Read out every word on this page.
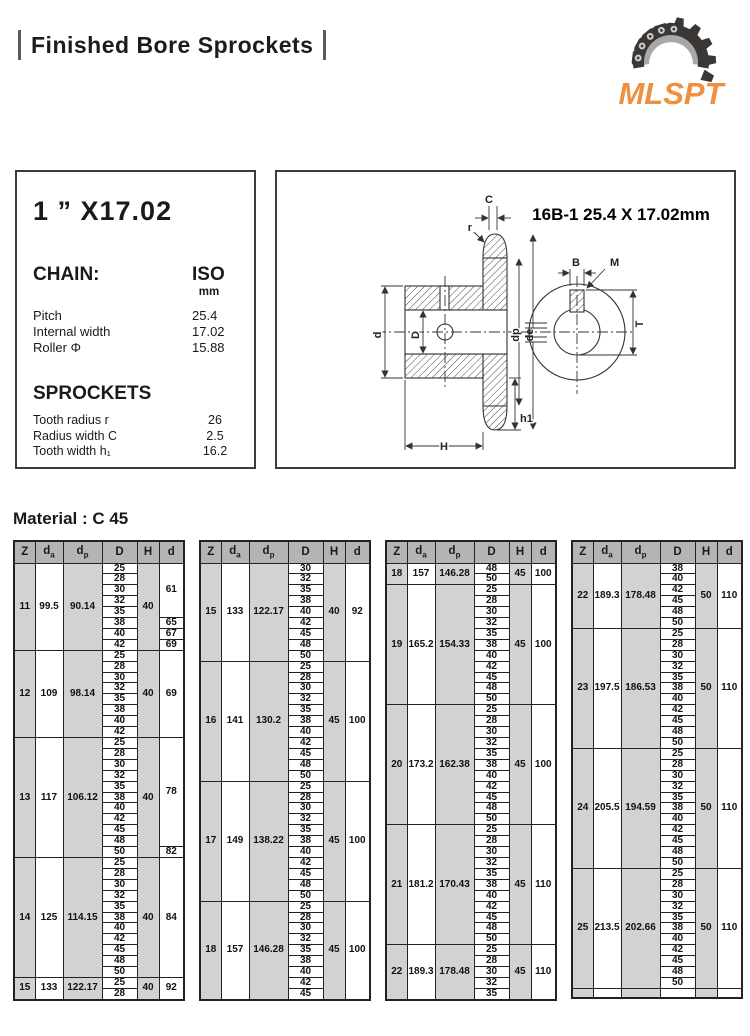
Finished Bore Sprockets
MLSPT
1 ” X17.02
CHAIN:	ISO
mm
Pitch	25.4
Internal width	17.02
Roller Φ	15.88
SPROCKETS
Tooth radius r	26
Radius width C	2.5
Tooth width h₁	16.2
16B-1 25.4 X 17.02mm
C
r
d D	dp de
h1
H
B	M
T
Material : C 45
Z	$d_a$	$d_p$	D	H	d
11	99.5	90.14	25	40	61
			28		
			30		
			32		
			35		
			38		65
			40		67
			42		69
12	109	98.14	25	40	69
			28		
			30		
			32		
			35		
			38		
			40		
			42		
13	117	106.12	25	40	78
			28		
			30		
			32		
			35		
			38		
			40		
			42		
			45		
			48		
			50		82
14	125	114.15	25	40	84
			28		
			30		
			32		
			35		
			38		
			40		
			42		
			45		
			48		
			50		
15	133	122.17	25	40	92
			28		
Z	$d_a$	$d_p$	D	H	d
15	133	122.17	30	40	92
			32		
			35		
			38		
			40		
			42		
			45		
			48		
			50		
16	141	130.2	25	45	100
			28		
			30		
			32		
			35		
			38		
			40		
			42		
			45		
			48		
			50		
17	149	138.22	25	45	100
			28		
			30		
			32		
			35		
			38		
			40		
			42		
			45		
			48		
			50		
18	157	146.28	25	45	100
			28		
			30		
			32		
			35		
			38		
			40		
			42		
			45		
Z	$d_a$	$d_p$	D	H	d
18	157	146.28	48	45	100
			50		
19	165.2	154.33	25	45	100
			28		
			30		
			32		
			35		
			38		
			40		
			42		
			45		
			48		
			50		
20	173.2	162.38	25	45	100
			28		
			30		
			32		
			35		
			38		
			40		
			42		
			45		
			48		
			50		
21	181.2	170.43	25	45	110
			28		
			30		
			32		
			35		
			38		
			40		
			42		
			45		
			48		
			50		
22	189.3	178.48	25	45	110
			28		
			30		
			32		
			35		
Z	$d_a$	$d_p$	D	H	d
22	189.3	178.48	38	50	110
			40		
			42		
			45		
			48		
			50		
23	197.5	186.53	25	50	110
			28		
			30		
			32		
			35		
			38		
			40		
			42		
			45		
			48		
			50		
24	205.5	194.59	25	50	110
			28		
			30		
			32		
			35		
			38		
			40		
			42		
			45		
			48		
			50		
25	213.5	202.66	25	50	110
			28		
			30		
			32		
			35		
			38		
			40		
			42		
			45		
			48		
			50		
